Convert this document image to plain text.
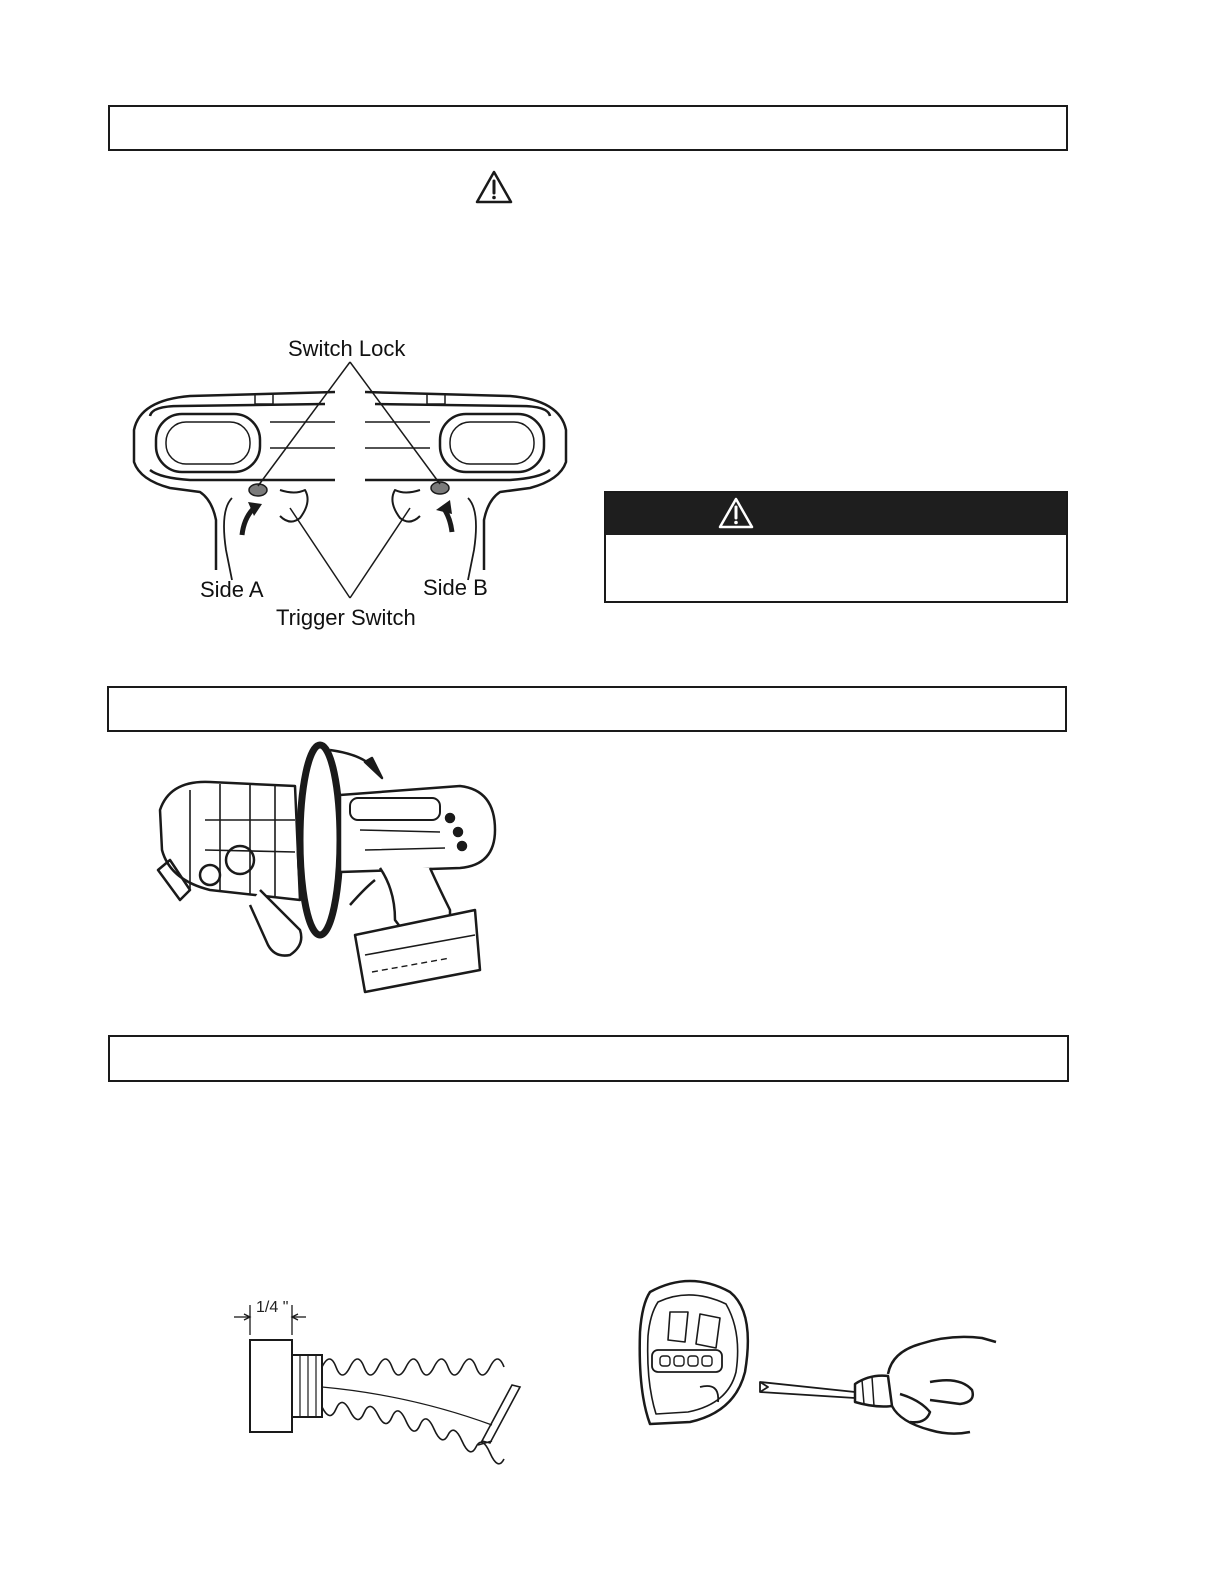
Switch Lock
Side A	Side B
Trigger Switch
1/4 "
